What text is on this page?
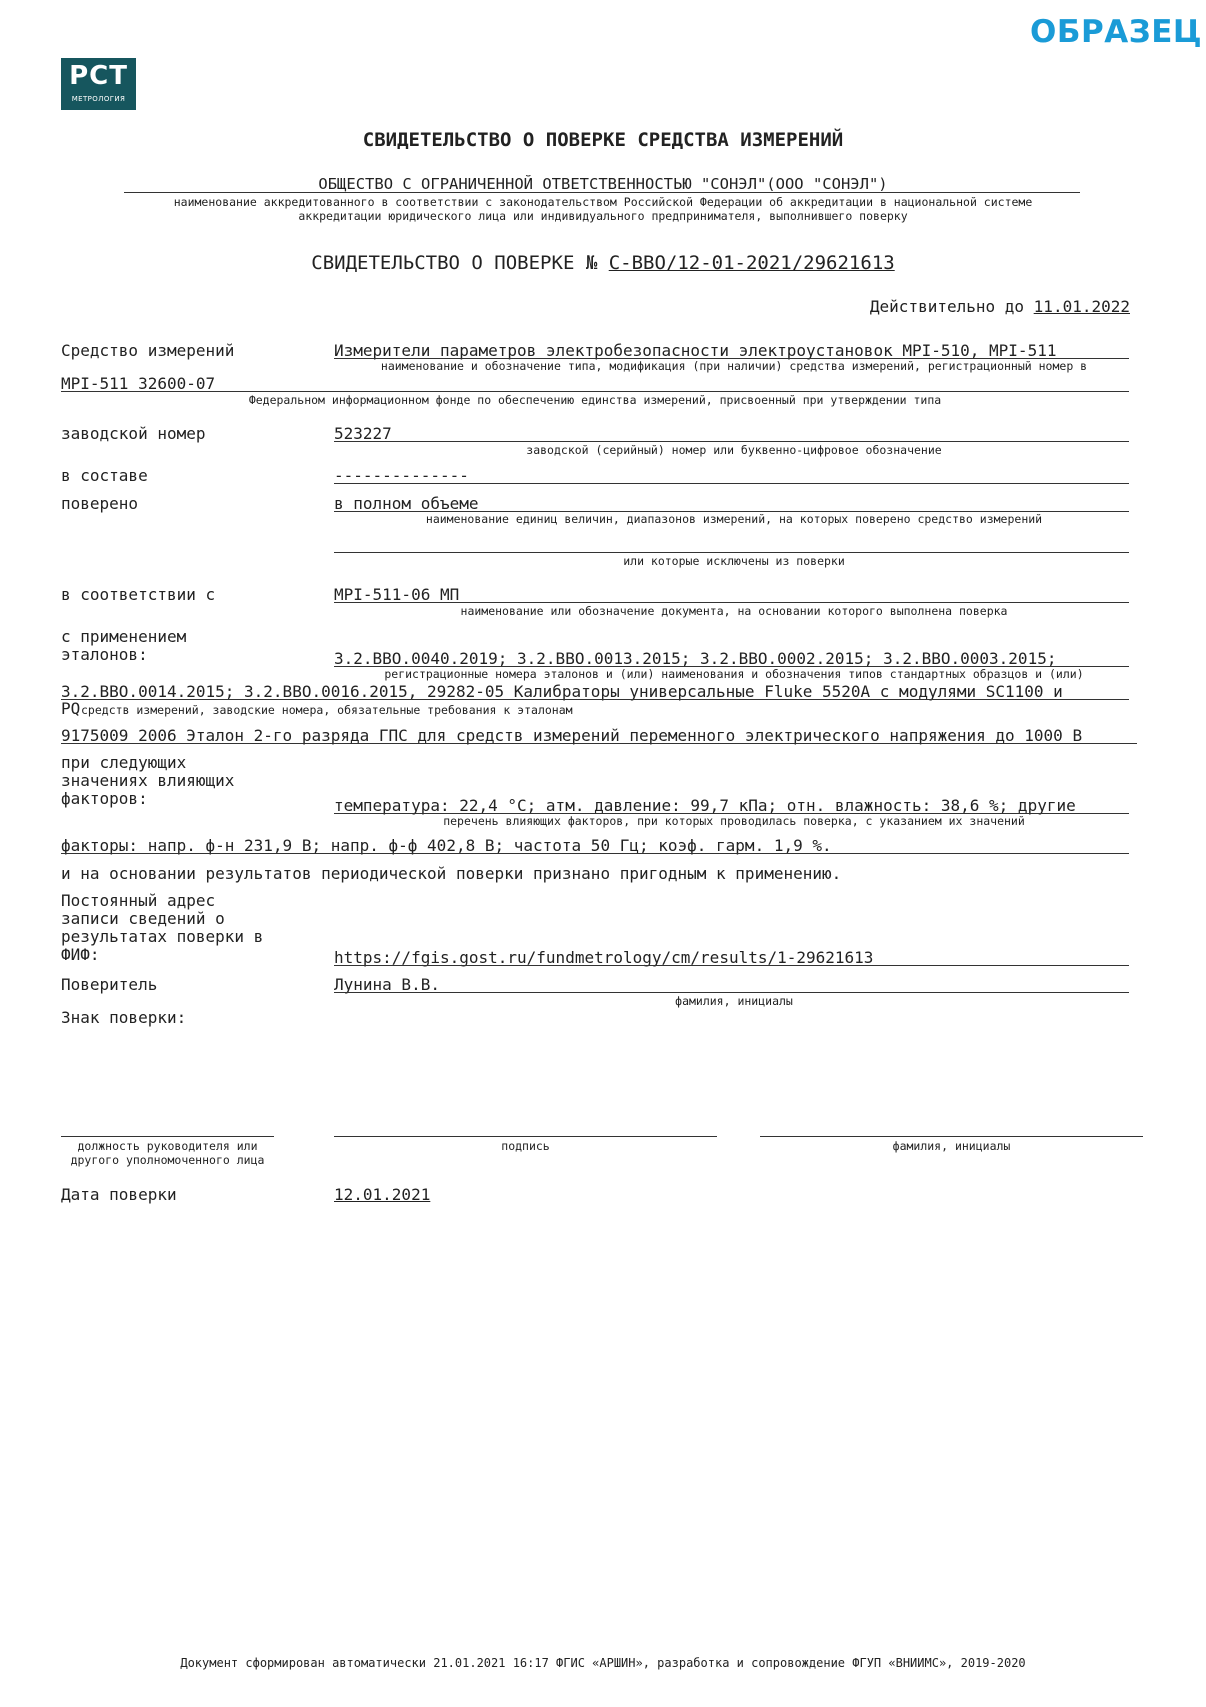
ОБРАЗЕЦ
РСТ
МЕТРОЛОГИЯ
СВИДЕТЕЛЬСТВО О ПОВЕРКЕ СРЕДСТВА ИЗМЕРЕНИЙ
ОБЩЕСТВО С ОГРАНИЧЕННОЙ ОТВЕТСТВЕННОСТЬЮ "СОНЭЛ"(ООО "СОНЭЛ")
наименование аккредитованного в соответствии с законодательством Российской Федерации об аккредитации в национальной системе
аккредитации юридического лица или индивидуального предпринимателя, выполнившего поверку
СВИДЕТЕЛЬСТВО О ПОВЕРКЕ № С-ВВО/12-01-2021/29621613
Действительно до 11.01.2022
Средство измерений	Измерители параметров электробезопасности электроустановок MPI-510, MPI-511
наименование и обозначение типа, модификация (при наличии) средства измерений, регистрационный номер в
MPI-511 32600-07
Федеральном информационном фонде по обеспечению единства измерений, присвоенный при утверждении типа
заводской номер	523227
заводской (серийный) номер или буквенно-цифровое обозначение
в составе	--------------
поверено	в полном объеме
наименование единиц величин, диапазонов измерений, на которых поверено средство измерений
или которые исключены из поверки
в соответствии с	MPI-511-06 МП
наименование или обозначение документа, на основании которого выполнена поверка
с применением
эталонов:	3.2.ВВО.0040.2019; 3.2.ВВО.0013.2015; 3.2.ВВО.0002.2015; 3.2.ВВО.0003.2015;
регистрационные номера эталонов и (или) наименования и обозначения типов стандартных образцов и (или)
3.2.ВВО.0014.2015; 3.2.ВВО.0016.2015, 29282-05 Калибраторы универсальные Fluke 5520A с модулями SC1100 и
PQ средств измерений, заводские номера, обязательные требования к эталонам
9175009 2006 Эталон 2-го разряда ГПС для средств измерений переменного электрического напряжения до 1000 В
при следующих
значениях влияющих
факторов:	температура: 22,4 °С; атм. давление: 99,7 кПа; отн. влажность: 38,6 %; другие
перечень влияющих факторов, при которых проводилась поверка, с указанием их значений
факторы: напр. ф-н 231,9 В; напр. ф-ф 402,8 В; частота 50 Гц; коэф. гарм. 1,9 %.
и на основании результатов периодической поверки признано пригодным к применению.
Постоянный адрес
записи сведений о
результатах поверки в
ФИФ:	https://fgis.gost.ru/fundmetrology/cm/results/1-29621613
Поверитель	Лунина В.В.
фамилия, инициалы
Знак поверки:
должность руководителя или
другого уполномоченного лица
подпись	фамилия, инициалы
Дата поверки	12.01.2021
Документ сформирован автоматически 21.01.2021 16:17 ФГИС «АРШИН», разработка и сопровождение ФГУП «ВНИИМС», 2019-2020
